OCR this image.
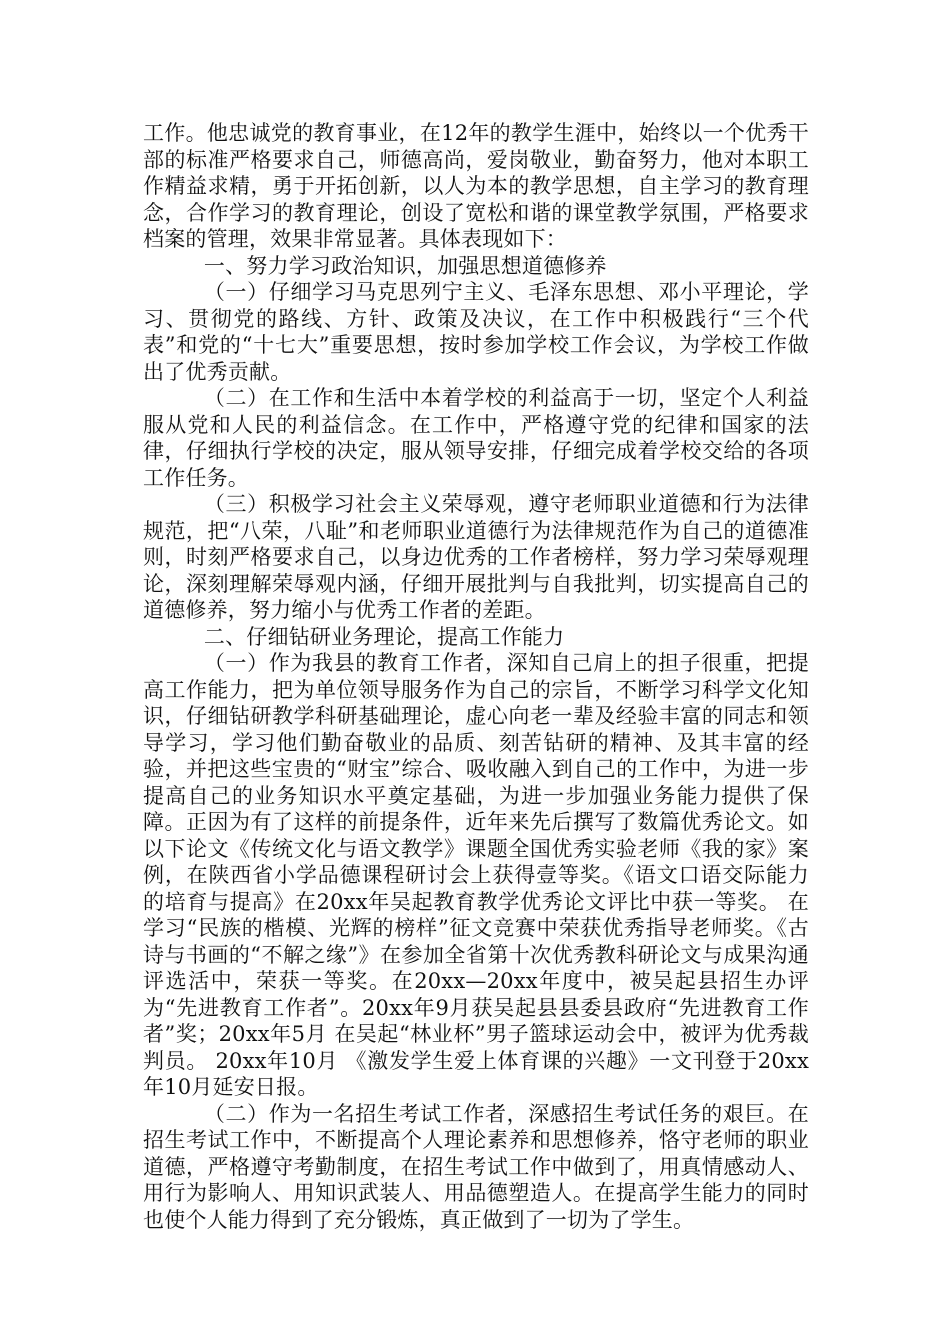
工作。他忠诚党的教育事业，在12年的教学生涯中，始终以一个优秀干部的标准严格要求自己，师德高尚，爱岗敬业，勤奋努力，他对本职工作精益求精，勇于开拓创新，以人为本的教学思想，自主学习的教育理念，合作学习的教育理论，创设了宽松和谐的课堂教学氛围，严格要求档案的管理，效果非常显著。具体表现如下：

一、努力学习政治知识，加强思想道德修养

（一）仔细学习马克思列宁主义、毛泽东思想、邓小平理论，学习、贯彻党的路线、方针、政策及决议，在工作中积极践行“三个代表”和党的“十七大”重要思想，按时参加学校工作会议，为学校工作做出了优秀贡献。

（二）在工作和生活中本着学校的利益高于一切，坚定个人利益服从党和人民的利益信念。在工作中，严格遵守党的纪律和国家的法律，仔细执行学校的决定，服从领导安排，仔细完成着学校交给的各项工作任务。

（三）积极学习社会主义荣辱观，遵守老师职业道德和行为法律规范，把“八荣，八耻”和老师职业道德行为法律规范作为自己的道德准则，时刻严格要求自己，以身边优秀的工作者榜样，努力学习荣辱观理论，深刻理解荣辱观内涵，仔细开展批判与自我批判，切实提高自己的道德修养，努力缩小与优秀工作者的差距。

二、仔细钻研业务理论，提高工作能力

（一）作为我县的教育工作者，深知自己肩上的担子很重，把提高工作能力，把为单位领导服务作为自己的宗旨，不断学习科学文化知识，仔细钻研教学科研基础理论，虚心向老一辈及经验丰富的同志和领导学习，学习他们勤奋敬业的品质、刻苦钻研的精神、及其丰富的经验，并把这些宝贵的“财宝”综合、吸收融入到自己的工作中，为进一步提高自己的业务知识水平奠定基础，为进一步加强业务能力提供了保障。正因为有了这样的前提条件，近年来先后撰写了数篇优秀论文。如以下论文《传统文化与语文教学》课题全国优秀实验老师《我的家》案例，在陕西省小学品德课程研讨会上获得壹等奖。《语文口语交际能力的培育与提高》在20xx年吴起教育教学优秀论文评比中获一等奖。 在学习“民族的楷模、光辉的榜样”征文竞赛中荣获优秀指导老师奖。《古诗与书画的“不解之缘”》在参加全省第十次优秀教科研论文与成果沟通评选活中，荣获一等奖。在20xx—20xx年度中，被吴起县招生办评为“先进教育工作者”。20xx年9月获吴起县县委县政府“先进教育工作者”奖；20xx年5月 在吴起“林业杯”男子篮球运动会中，被评为优秀裁判员。 20xx年10月 《激发学生爱上体育课的兴趣》一文刊登于20xx年10月延安日报。

（二）作为一名招生考试工作者，深感招生考试任务的艰巨。在招生考试工作中，不断提高个人理论素养和思想修养，恪守老师的职业道德，严格遵守考勤制度，在招生考试工作中做到了，用真情感动人、用行为影响人、用知识武装人、用品德塑造人。在提高学生能力的同时也使个人能力得到了充分锻炼，真正做到了一切为了学生。
